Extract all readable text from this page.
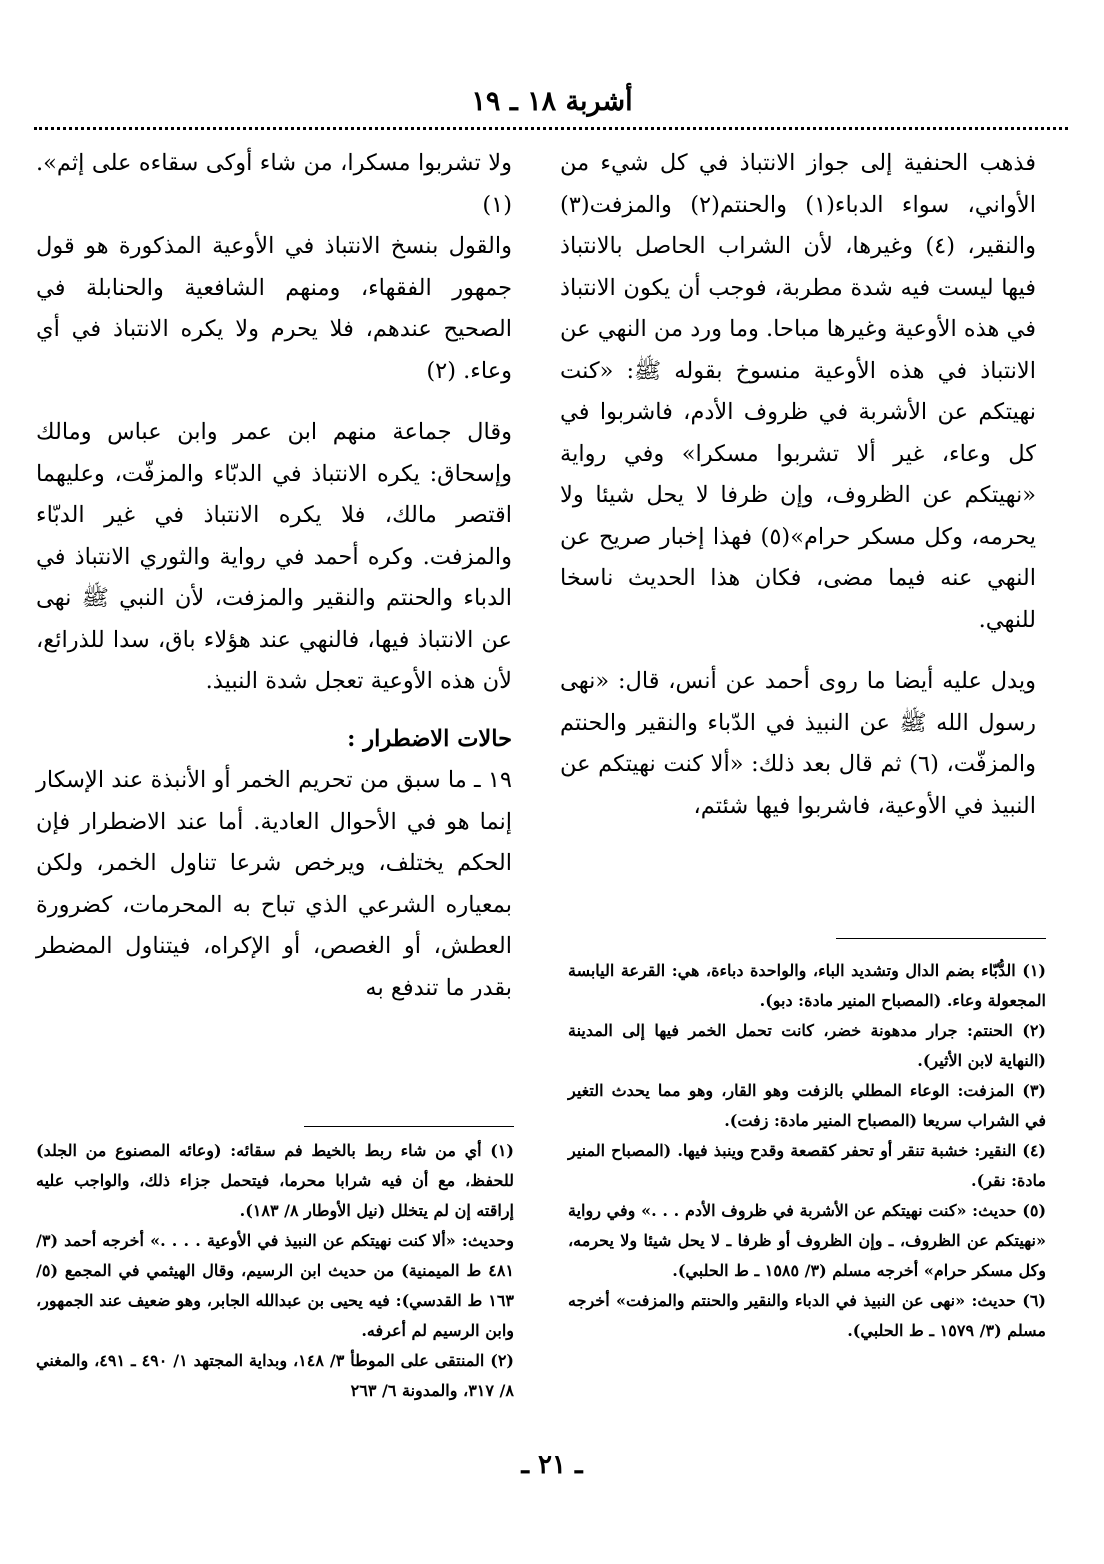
أشربة ١٨ ـ ١٩

فذهب الحنفية إلى جواز الانتباذ في كل شيء من الأواني، سواء الدباء(١) والحنتم(٢) والمزفت(٣) والنقير، (٤) وغيرها، لأن الشراب الحاصل بالانتباذ فيها ليست فيه شدة مطربة، فوجب أن يكون الانتباذ في هذه الأوعية وغيرها مباحا. وما ورد من النهي عن الانتباذ في هذه الأوعية منسوخ بقوله ﷺ: «كنت نهيتكم عن الأشربة في ظروف الأدم، فاشربوا في كل وعاء، غير ألا تشربوا مسكرا» وفي رواية «نهيتكم عن الظروف، وإن ظرفا لا يحل شيئا ولا يحرمه، وكل مسكر حرام»(٥) فهذا إخبار صريح عن النهي عنه فيما مضى، فكان هذا الحديث ناسخا للنهي.

ويدل عليه أيضا ما روى أحمد عن أنس، قال: «نهى رسول الله ﷺ عن النبيذ في الدّباء والنقير والحنتم والمزفّت، (٦) ثم قال بعد ذلك: «ألا كنت نهيتكم عن النبيذ في الأوعية، فاشربوا فيها شئتم،

ولا تشربوا مسكرا، من شاء أوكى سقاءه على إثم». (١)

والقول بنسخ الانتباذ في الأوعية المذكورة هو قول جمهور الفقهاء، ومنهم الشافعية والحنابلة في الصحيح عندهم، فلا يحرم ولا يكره الانتباذ في أي وعاء. (٢)

وقال جماعة منهم ابن عمر وابن عباس ومالك وإسحاق: يكره الانتباذ في الدبّاء والمزفّت، وعليهما اقتصر مالك، فلا يكره الانتباذ في غير الدبّاء والمزفت. وكره أحمد في رواية والثوري الانتباذ في الدباء والحنتم والنقير والمزفت، لأن النبي ﷺ نهى عن الانتباذ فيها، فالنهي عند هؤلاء باق، سدا للذرائع، لأن هذه الأوعية تعجل شدة النبيذ.

حالات الاضطرار :

١٩ ـ ما سبق من تحريم الخمر أو الأنبذة عند الإسكار إنما هو في الأحوال العادية. أما عند الاضطرار فإن الحكم يختلف، ويرخص شرعا تناول الخمر، ولكن بمعياره الشرعي الذي تباح به المحرمات، كضرورة العطش، أو الغصص، أو الإكراه، فيتناول المضطر بقدر ما تندفع به

(١) الدُّبّاء بضم الدال وتشديد الباء، والواحدة دباءة، هي: القرعة اليابسة المجعولة وعاء. (المصباح المنير مادة: دبو).

(٢) الحنتم: جرار مدهونة خضر، كانت تحمل الخمر فيها إلى المدينة (النهاية لابن الأثير).

(٣) المزفت: الوعاء المطلي بالزفت وهو القار، وهو مما يحدث التغير في الشراب سريعا (المصباح المنير مادة: زفت).

(٤) النقير: خشبة تنقر أو تحفر كقصعة وقدح وينبذ فيها. (المصباح المنير مادة: نقر).

(٥) حديث: «كنت نهيتكم عن الأشربة في ظروف الأدم . . .» وفي رواية «نهيتكم عن الظروف، ـ وإن الظروف أو ظرفا ـ لا يحل شيئا ولا يحرمه، وكل مسكر حرام» أخرجه مسلم (٣/ ١٥٨٥ ـ ط الحلبي).

(٦) حديث: «نهى عن النبيذ في الدباء والنقير والحنتم والمزفت» أخرجه مسلم (٣/ ١٥٧٩ ـ ط الحلبي).

(١) أي من شاء ربط بالخيط فم سقائه: (وعائه المصنوع من الجلد) للحفظ، مع أن فيه شرابا محرما، فيتحمل جزاء ذلك، والواجب عليه إراقته إن لم يتخلل (نيل الأوطار ٨/ ١٨٣).

وحديث: «ألا كنت نهيتكم عن النبيذ في الأوعية . . . .» أخرجه أحمد (٣/ ٤٨١ ط الميمنية) من حديث ابن الرسيم، وقال الهيثمي في المجمع (٥/ ١٦٣ ط القدسي): فيه يحيى بن عبدالله الجابر، وهو ضعيف عند الجمهور، وابن الرسيم لم أعرفه.

(٢) المنتقى على الموطأ ٣/ ١٤٨، وبداية المجتهد ١/ ٤٩٠ ـ ٤٩١، والمغني ٨/ ٣١٧، والمدونة ٦/ ٢٦٣

ـ ٢١ ـ
